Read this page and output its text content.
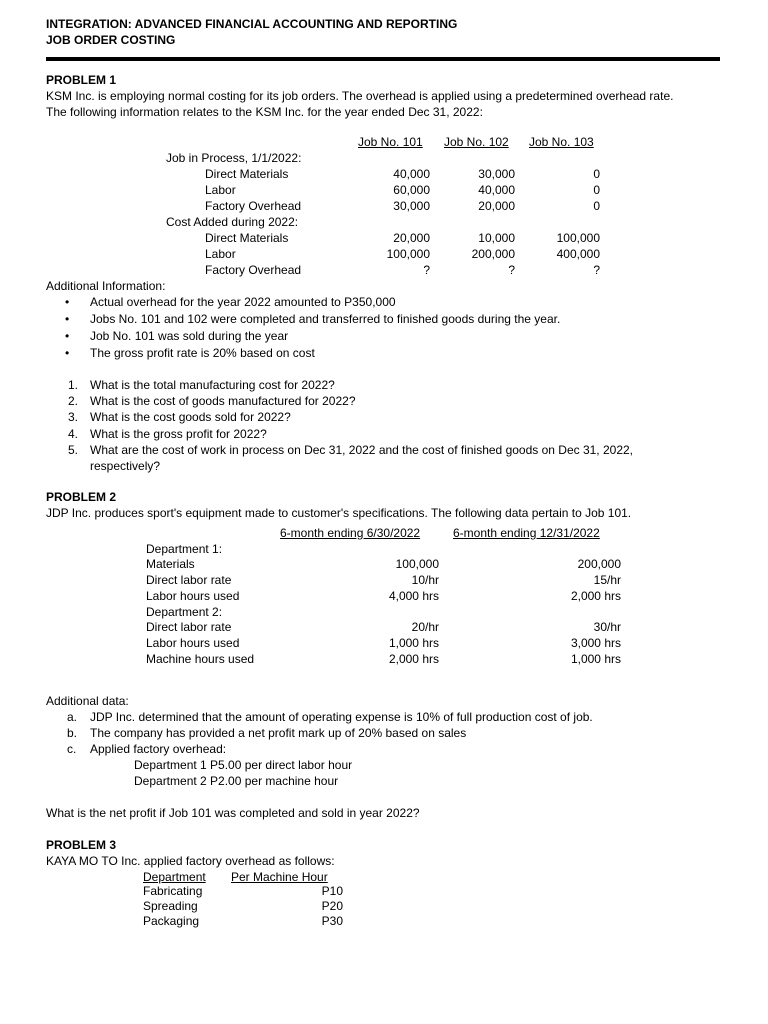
INTEGRATION: ADVANCED FINANCIAL ACCOUNTING AND REPORTING
JOB ORDER COSTING
PROBLEM 1
KSM Inc. is employing normal costing for its job orders. The overhead is applied using a predetermined overhead rate.
The following information relates to the KSM Inc. for the year ended Dec 31, 2022:
Job No. 101 Job No. 102 Job No. 103
Job in Process, 1/1/2022:
Direct Materials	40,000	30,000	0
Labor	60,000	40,000	0
Factory Overhead	30,000	20,000	0
Cost Added during 2022:
Direct Materials	20,000	10,000	100,000
Labor	100,000	200,000	400,000
Factory Overhead	?	?	?
Additional Information:
• Actual overhead for the year 2022 amounted to P350,000
• Jobs No. 101 and 102 were completed and transferred to finished goods during the year.
• Job No. 101 was sold during the year
• The gross profit rate is 20% based on cost
1. What is the total manufacturing cost for 2022?
2. What is the cost of goods manufactured for 2022?
3. What is the cost goods sold for 2022?
4. What is the gross profit for 2022?
5. What are the cost of work in process on Dec 31, 2022 and the cost of finished goods on Dec 31, 2022,
respectively?
PROBLEM 2
JDP Inc. produces sport's equipment made to customer's specifications. The following data pertain to Job 101.
6-month ending 6/30/2022	6-month ending 12/31/2022
Department 1:
Materials	100,000	200,000
Direct labor rate	10/hr	15/hr
Labor hours used	4,000 hrs	2,000 hrs
Department 2:
Direct labor rate	20/hr	30/hr
Labor hours used	1,000 hrs	3,000 hrs
Machine hours used	2,000 hrs	1,000 hrs
Additional data:
a. JDP Inc. determined that the amount of operating expense is 10% of full production cost of job.
b. The company has provided a net profit mark up of 20% based on sales
c. Applied factory overhead:
Department 1 P5.00 per direct labor hour
Department 2 P2.00 per machine hour
What is the net profit if Job 101 was completed and sold in year 2022?
PROBLEM 3
KAYA MO TO Inc. applied factory overhead as follows:
Department Per Machine Hour
Fabricating	P10
Spreading	P20
Packaging	P30
